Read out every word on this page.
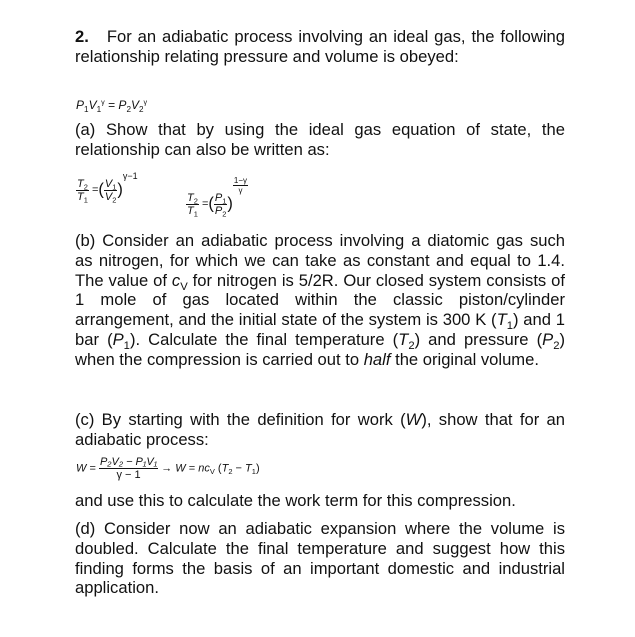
2. For an adiabatic process involving an ideal gas, the following relationship relating pressure and volume is obeyed:
$P_1V_1^\gamma = P_2V_2^\gamma$
(a) Show that by using the ideal gas equation of state, the relationship can also be written as:
$\frac{T_2}{T_1}$ =( $\frac{V_1}{V_2} )^{\gamma-1}$
$\frac{T_2}{T_1}$ =( $\frac{P_1}{P_2}$ )
$\frac{1-\gamma}{\gamma}$
(b) Consider an adiabatic process involving a diatomic gas such as nitrogen, for which we can take as constant and equal to 1.4. The value of $c_V$ for nitrogen is 5/2R. Our closed system consists of 1 mole of gas located within the classic piston/cylinder arrangement, and the initial state of the system is 300 K $(T_1)$ and 1 bar $(P_1)$. Calculate the final temperature $(T_2)$ and pressure $(P_2)$ when the compression is carried out to half the original volume.
(c) By starting with the definition for work (W), show that for an adiabatic process:
$W = \frac{\text{P₂V₂ − P₁V₁}}{\gamma - 1} \to W = nc_V$ $(T_2 - T_1)$
and use this to calculate the work term for this compression.
(d) Consider now an adiabatic expansion where the volume is doubled. Calculate the final temperature and suggest how this finding forms the basis of an important domestic and industrial application.
